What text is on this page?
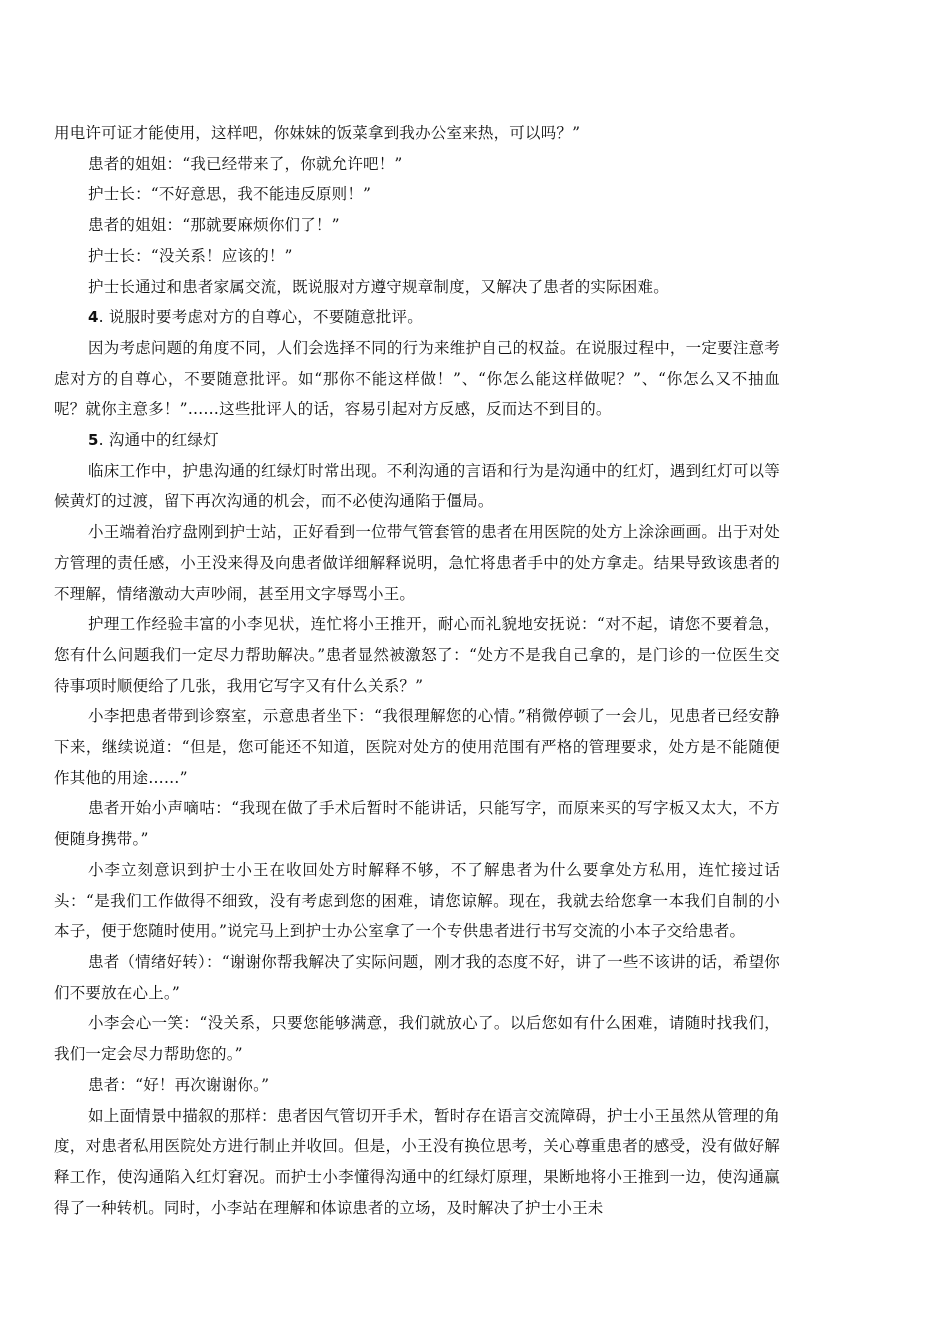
用电许可证才能使用，这样吧，你妹妹的饭菜拿到我办公室来热，可以吗？”

患者的姐姐：“我已经带来了，你就允许吧！”

护士长：“不好意思，我不能违反原则！”

患者的姐姐：“那就要麻烦你们了！”

护士长：“没关系！应该的！”

护士长通过和患者家属交流，既说服对方遵守规章制度，又解决了患者的实际困难。

4. 说服时要考虑对方的自尊心，不要随意批评。

因为考虑问题的角度不同，人们会选择不同的行为来维护自己的权益。在说服过程中，一定要注意考虑对方的自尊心，不要随意批评。如“那你不能这样做！”、“你怎么能这样做呢？”、“你怎么又不抽血呢？就你主意多！”……这些批评人的话，容易引起对方反感，反而达不到目的。

5. 沟通中的红绿灯

临床工作中，护患沟通的红绿灯时常出现。不利沟通的言语和行为是沟通中的红灯，遇到红灯可以等候黄灯的过渡，留下再次沟通的机会，而不必使沟通陷于僵局。

小王端着治疗盘刚到护士站，正好看到一位带气管套管的患者在用医院的处方上涂涂画画。出于对处方管理的责任感，小王没来得及向患者做详细解释说明，急忙将患者手中的处方拿走。结果导致该患者的不理解，情绪激动大声吵闹，甚至用文字辱骂小王。

护理工作经验丰富的小李见状，连忙将小王推开，耐心而礼貌地安抚说：“对不起，请您不要着急，您有什么问题我们一定尽力帮助解决。”患者显然被激怒了：“处方不是我自己拿的，是门诊的一位医生交待事项时顺便给了几张，我用它写字又有什么关系？”

小李把患者带到诊察室，示意患者坐下：“我很理解您的心情。”稍微停顿了一会儿，见患者已经安静下来，继续说道：“但是，您可能还不知道，医院对处方的使用范围有严格的管理要求，处方是不能随便作其他的用途……”

患者开始小声嘀咕：“我现在做了手术后暂时不能讲话，只能写字，而原来买的写字板又太大，不方便随身携带。”

小李立刻意识到护士小王在收回处方时解释不够，不了解患者为什么要拿处方私用，连忙接过话头：“是我们工作做得不细致，没有考虑到您的困难，请您谅解。现在，我就去给您拿一本我们自制的小本子，便于您随时使用。”说完马上到护士办公室拿了一个专供患者进行书写交流的小本子交给患者。

患者（情绪好转）：“谢谢你帮我解决了实际问题，刚才我的态度不好，讲了一些不该讲的话，希望你们不要放在心上。”

小李会心一笑：“没关系，只要您能够满意，我们就放心了。以后您如有什么困难，请随时找我们，我们一定会尽力帮助您的。”

患者：“好！再次谢谢你。”

如上面情景中描叙的那样：患者因气管切开手术，暂时存在语言交流障碍，护士小王虽然从管理的角度，对患者私用医院处方进行制止并收回。但是，小王没有换位思考，关心尊重患者的感受，没有做好解释工作，使沟通陷入红灯窘况。而护士小李懂得沟通中的红绿灯原理，果断地将小王推到一边，使沟通赢得了一种转机。同时，小李站在理解和体谅患者的立场，及时解决了护士小王未
